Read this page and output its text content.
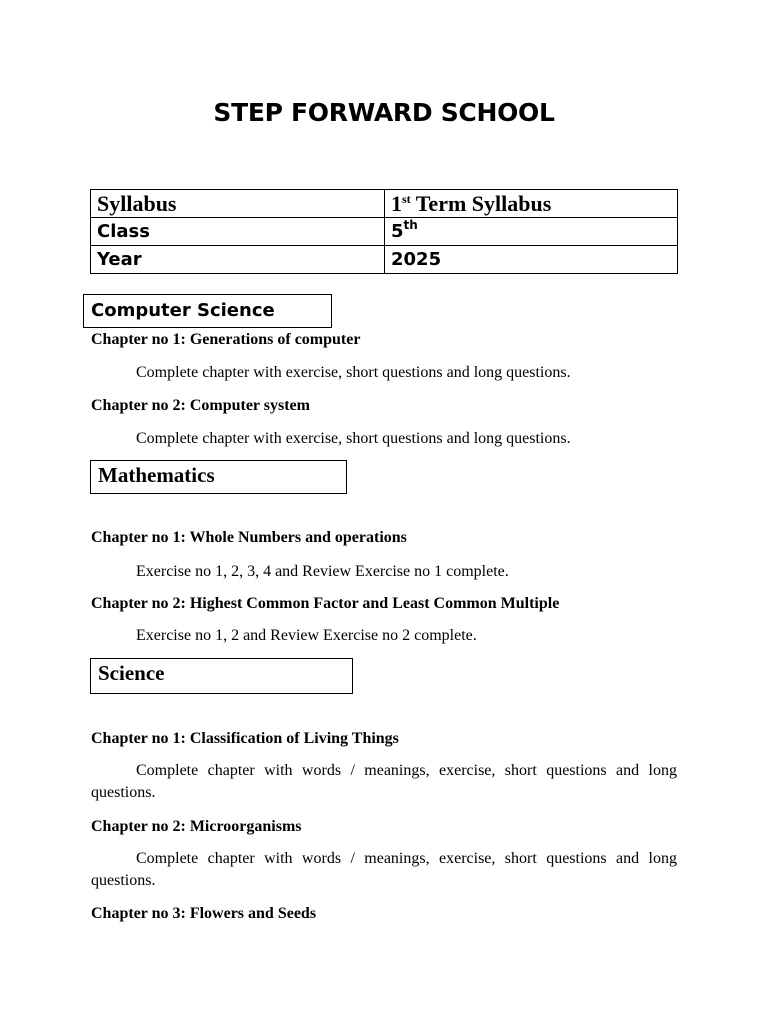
STEP FORWARD SCHOOL
Syllabus	1st Term Syllabus
Class	5th
Year	2025
Computer Science
Chapter no 1: Generations of computer

Complete chapter with exercise, short questions and long questions.

Chapter no 2: Computer system

Complete chapter with exercise, short questions and long questions.

Mathematics
Chapter no 1: Whole Numbers and operations

Exercise no 1, 2, 3, 4 and Review Exercise no 1 complete.

Chapter no 2: Highest Common Factor and Least Common Multiple

Exercise no 1, 2 and Review Exercise no 2 complete.

Science
Chapter no 1: Classification of Living Things

Complete chapter with words / meanings, exercise, short questions and long questions.

Chapter no 2: Microorganisms

Complete chapter with words / meanings, exercise, short questions and long questions.

Chapter no 3: Flowers and Seeds
